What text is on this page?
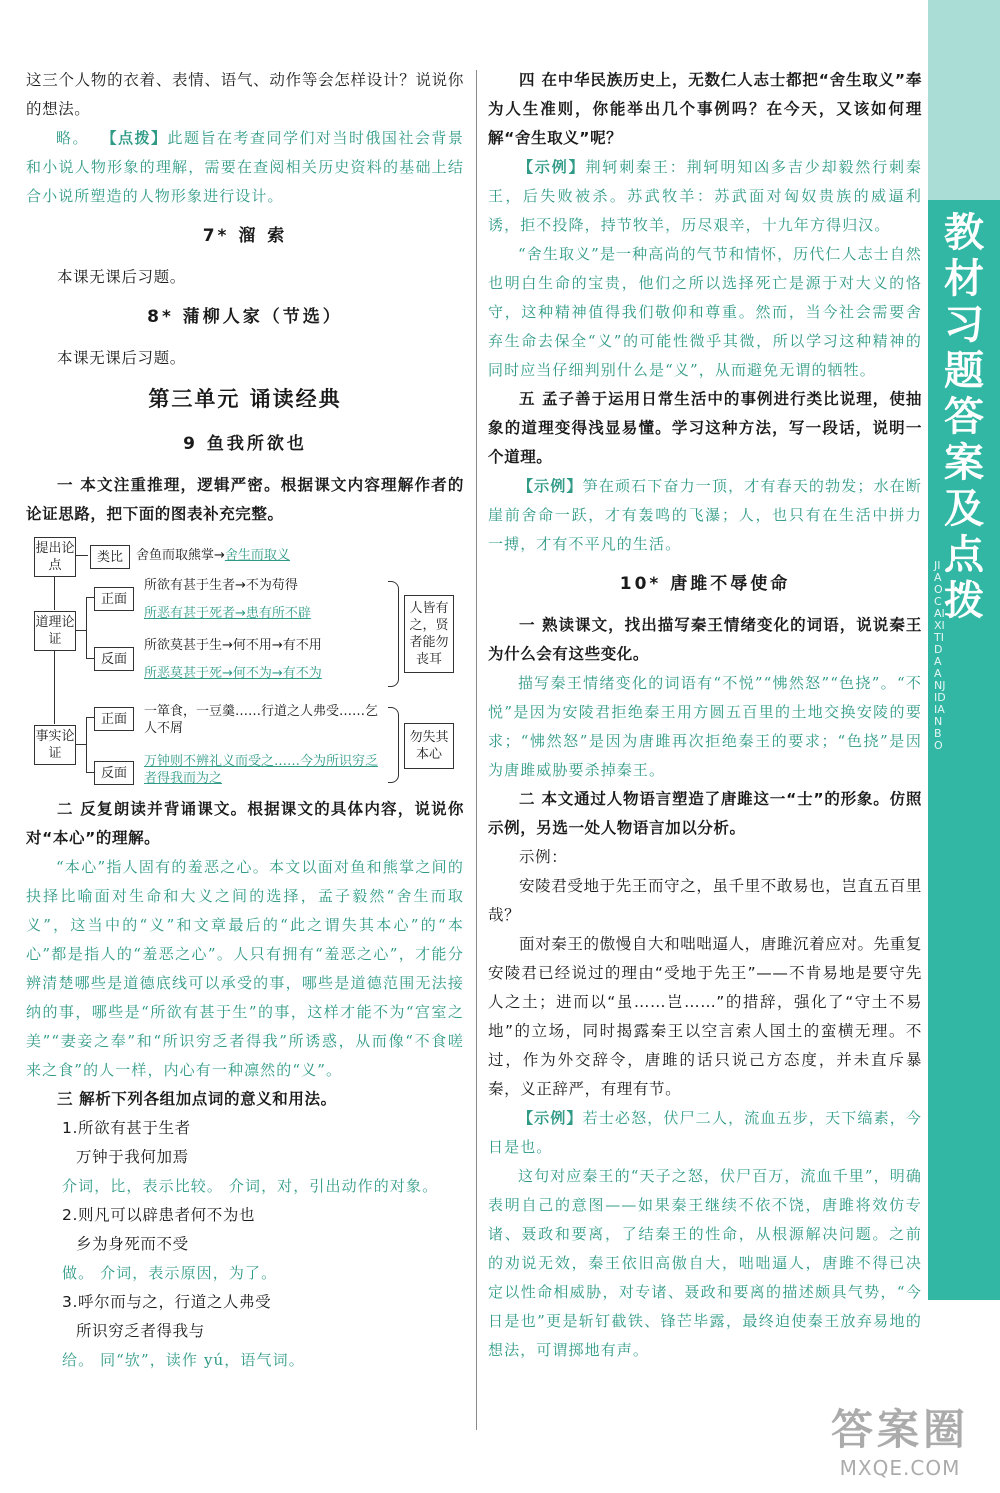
教材习题答案及点拨
JIAOCAIXITIDAANJIDIANBO

这三个人物的衣着、表情、语气、动作等会怎样设计？说说你的想法。

略。 【点拨】此题旨在考查同学们对当时俄国社会背景和小说人物形象的理解，需要在查阅相关历史资料的基础上结合小说所塑造的人物形象进行设计。

7* 溜 索

本课无课后习题。

8* 蒲柳人家（节选）

本课无课后习题。

第三单元 诵读经典
9 鱼我所欲也

一 本文注重推理，逻辑严密。根据课文内容理解作者的论证思路，把下面的图表补充完整。

提出论点
类比	舍鱼而取熊掌→舍生而取义
道理论证
正面
反面
所欲有甚于生者→不为苟得
所恶有甚于死者→患有所不辟
所欲莫甚于生→何不用→有不用
所恶莫甚于死→何不为→有不为
人皆有之，贤者能勿丧耳
事实论证
正面
反面
一箪食，一豆羹……行道之人弗受……乞人不屑
万钟则不辨礼义而受之……今为所识穷乏者得我而为之
勿失其本心

二 反复朗读并背诵课文。根据课文的具体内容，说说你对“本心”的理解。

“本心”指人固有的羞恶之心。本文以面对鱼和熊掌之间的抉择比喻面对生命和大义之间的选择，孟子毅然“舍生而取义”，这当中的“义”和文章最后的“此之谓失其本心”的“本心”都是指人的“羞恶之心”。人只有拥有“羞恶之心”，才能分辨清楚哪些是道德底线可以承受的事，哪些是道德范围无法接纳的事，哪些是“所欲有甚于生”的事，这样才能不为“宫室之美”“妻妾之奉”和“所识穷乏者得我”所诱惑，从而像“不食嗟来之食”的人一样，内心有一种凛然的“义”。

三 解析下列各组加点词的意义和用法。

1.所欲有甚于生者

万钟于我何加焉

介词，比，表示比较。 介词，对，引出动作的对象。

2.则凡可以辟患者何不为也

乡为身死而不受

做。 介词，表示原因，为了。

3.呼尔而与之，行道之人弗受

所识穷乏者得我与

给。 同“欤”，读作 yú，语气词。

四 在中华民族历史上，无数仁人志士都把“舍生取义”奉为人生准则，你能举出几个事例吗？在今天，又该如何理解“舍生取义”呢？

【示例】荆轲刺秦王：荆轲明知凶多吉少却毅然行刺秦王，后失败被杀。苏武牧羊：苏武面对匈奴贵族的威逼利诱，拒不投降，持节牧羊，历尽艰辛，十九年方得归汉。

“舍生取义”是一种高尚的气节和情怀，历代仁人志士自然也明白生命的宝贵，他们之所以选择死亡是源于对大义的恪守，这种精神值得我们敬仰和尊重。然而，当今社会需要舍弃生命去保全“义”的可能性微乎其微，所以学习这种精神的同时应当仔细判别什么是“义”，从而避免无谓的牺牲。

五 孟子善于运用日常生活中的事例进行类比说理，使抽象的道理变得浅显易懂。学习这种方法，写一段话，说明一个道理。

【示例】笋在顽石下奋力一顶，才有春天的勃发；水在断崖前舍命一跃，才有轰鸣的飞瀑；人，也只有在生活中拼力一搏，才有不平凡的生活。

10* 唐雎不辱使命

一 熟读课文，找出描写秦王情绪变化的词语，说说秦王为什么会有这些变化。

描写秦王情绪变化的词语有“不悦”“怫然怒”“色挠”。“不悦”是因为安陵君拒绝秦王用方圆五百里的土地交换安陵的要求；“怫然怒”是因为唐雎再次拒绝秦王的要求；“色挠”是因为唐雎威胁要杀掉秦王。

二 本文通过人物语言塑造了唐雎这一“士”的形象。仿照示例，另选一处人物语言加以分析。

示例：

安陵君受地于先王而守之，虽千里不敢易也，岂直五百里哉？

面对秦王的傲慢自大和咄咄逼人，唐雎沉着应对。先重复安陵君已经说过的理由“受地于先王”——不肯易地是要守先人之土；进而以“虽……岂……”的措辞，强化了“守土不易地”的立场，同时揭露秦王以空言索人国土的蛮横无理。不过，作为外交辞令，唐雎的话只说己方态度，并未直斥暴秦，义正辞严，有理有节。

【示例】若士必怒，伏尸二人，流血五步，天下缟素，今日是也。

这句对应秦王的“天子之怒，伏尸百万，流血千里”，明确表明自己的意图——如果秦王继续不依不饶，唐雎将效仿专诸、聂政和要离，了结秦王的性命，从根源解决问题。之前的劝说无效，秦王依旧高傲自大，咄咄逼人，唐雎不得已决定以性命相威胁，对专诸、聂政和要离的描述颇具气势，“今日是也”更是斩钉截铁、锋芒毕露，最终迫使秦王放弃易地的想法，可谓掷地有声。

答案圈
MXQE.COM
